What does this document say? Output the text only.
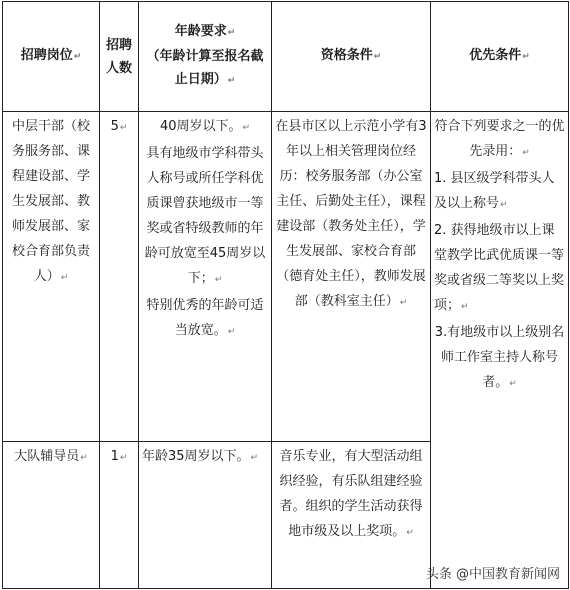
招聘岗位↵	招聘
人数	年龄要求↵
（年龄计算至报名截
止日期）↵	资格条件↵	优先条件↵
中层干部（校务服务部、课程建设部、学生发展部、教师发展部、家校合育部负责人）↵	5↵	40周岁以下。↵
具有地级市学科带头人称号或所任学科优质课曾获地级市一等奖或省特级教师的年龄可放宽至45周岁以下；↵
特别优秀的年龄可适当放宽。↵	在县市区以上示范小学有3年以上相关管理岗位经历：校务服务部（办公室主任、后勤处主任），课程建设部（教务处主任），学生发展部、家校合育部（德育处主任），教师发展部（教科室主任）↵	符合下列要求之一的优先录用：↵
1. 县区级学科带头人及以上称号↵
2. 获得地级市以上课堂教学比武优质课一等奖或省级二等奖以上奖项；↵
3.有地级市以上级别名师工作室主持人称号者。↵

大队辅导员↵	1↵	年龄35周岁以下。↵	音乐专业，有大型活动组织经验，有乐队组建经验者。组织的学生活动获得地市级及以上奖项。↵	
头条 @中国教育新闻网
